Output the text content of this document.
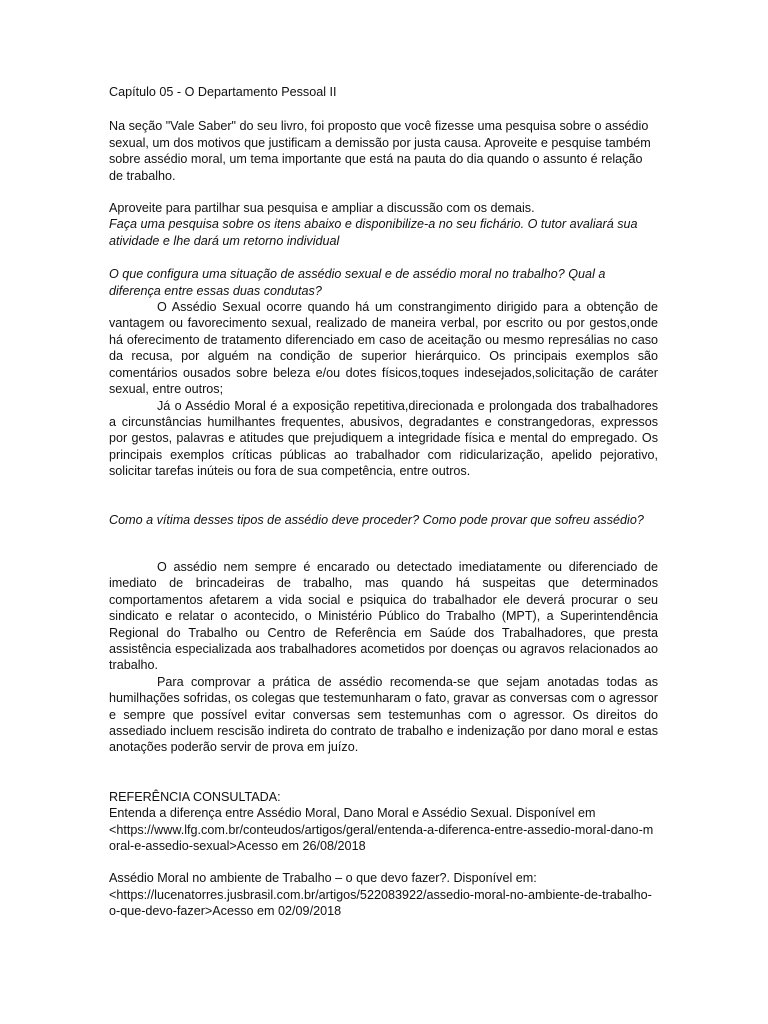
Capítulo 05 - O Departamento Pessoal II

Na seção "Vale Saber" do seu livro, foi proposto que você fizesse uma pesquisa sobre o assédio sexual, um dos motivos que justificam a demissão por justa causa. Aproveite e pesquise também sobre assédio moral, um tema importante que está na pauta do dia quando o assunto é relação de trabalho.

Aproveite para partilhar sua pesquisa e ampliar a discussão com os demais.

Faça uma pesquisa sobre os itens abaixo e disponibilize-a no seu fichário. O tutor avaliará sua atividade e lhe dará um retorno individual

O que configura uma situação de assédio sexual e de assédio moral no trabalho? Qual a diferença entre essas duas condutas?

O Assédio Sexual ocorre quando há um constrangimento dirigido para a obtenção de vantagem ou favorecimento sexual, realizado de maneira verbal, por escrito ou por gestos,onde há oferecimento de tratamento diferenciado em caso de aceitação ou mesmo represálias no caso da recusa, por alguém na condição de superior hierárquico. Os principais exemplos são comentários ousados sobre beleza e/ou dotes físicos,toques indesejados,solicitação de caráter sexual, entre outros;

Já o Assédio Moral é a exposição repetitiva,direcionada e prolongada dos trabalhadores a circunstâncias humilhantes frequentes, abusivos, degradantes e constrangedoras, expressos por gestos, palavras e atitudes que prejudiquem a integridade física e mental do empregado. Os principais exemplos críticas públicas ao trabalhador com ridicularização, apelido pejorativo, solicitar tarefas inúteis ou fora de sua competência, entre outros.

Como a vítima desses tipos de assédio deve proceder? Como pode provar que sofreu assédio?

O assédio nem sempre é encarado ou detectado imediatamente ou diferenciado de imediato de brincadeiras de trabalho, mas quando há suspeitas que determinados comportamentos afetarem a vida social e psiquica do trabalhador ele deverá procurar o seu sindicato e relatar o acontecido, o Ministério Público do Trabalho (MPT), a Superintendência Regional do Trabalho ou Centro de Referência em Saúde dos Trabalhadores, que presta assistência especializada aos trabalhadores acometidos por doenças ou agravos relacionados ao trabalho.

Para comprovar a prática de assédio recomenda-se que sejam anotadas todas as humilhações sofridas, os colegas que testemunharam o fato, gravar as conversas com o agressor e sempre que possível evitar conversas sem testemunhas com o agressor. Os direitos do assediado incluem rescisão indireta do contrato de trabalho e indenização por dano moral e estas anotações poderão servir de prova em juízo.

REFERÊNCIA CONSULTADA:

Entenda a diferença entre Assédio Moral, Dano Moral e Assédio Sexual. Disponível em

<https://www.lfg.com.br/conteudos/artigos/geral/entenda-a-diferenca-entre-assedio-moral-dano-moral-e-assedio-sexual>Acesso em 26/08/2018

Assédio Moral no ambiente de Trabalho – o que devo fazer?. Disponível em:

<https://lucenatorres.jusbrasil.com.br/artigos/522083922/assedio-moral-no-ambiente-de-trabalho-o-que-devo-fazer>Acesso em 02/09/2018
